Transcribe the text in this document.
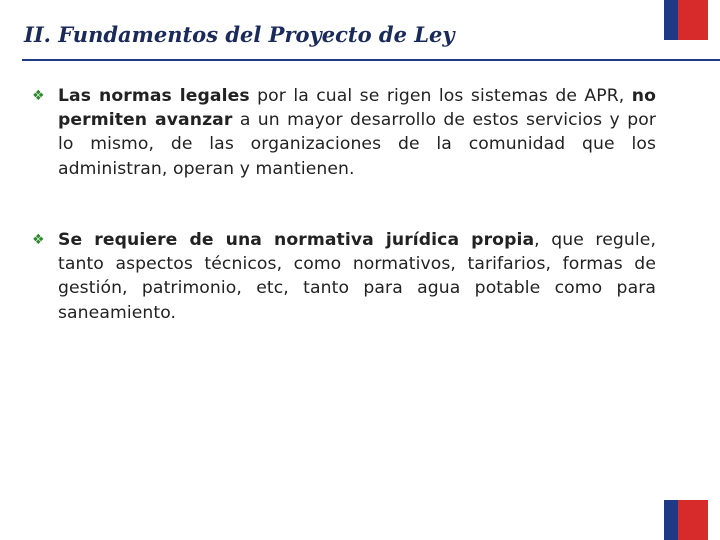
II. Fundamentos del Proyecto de Ley
❖ Las normas legales por la cual se rigen los sistemas de APR, no permiten avanzar a un mayor desarrollo de estos servicios y por lo mismo, de las organizaciones de la comunidad que los administran, operan y mantienen.
❖ Se requiere de una normativa jurídica propia, que regule, tanto aspectos técnicos, como normativos, tarifarios, formas de gestión, patrimonio, etc, tanto para agua potable como para saneamiento.
